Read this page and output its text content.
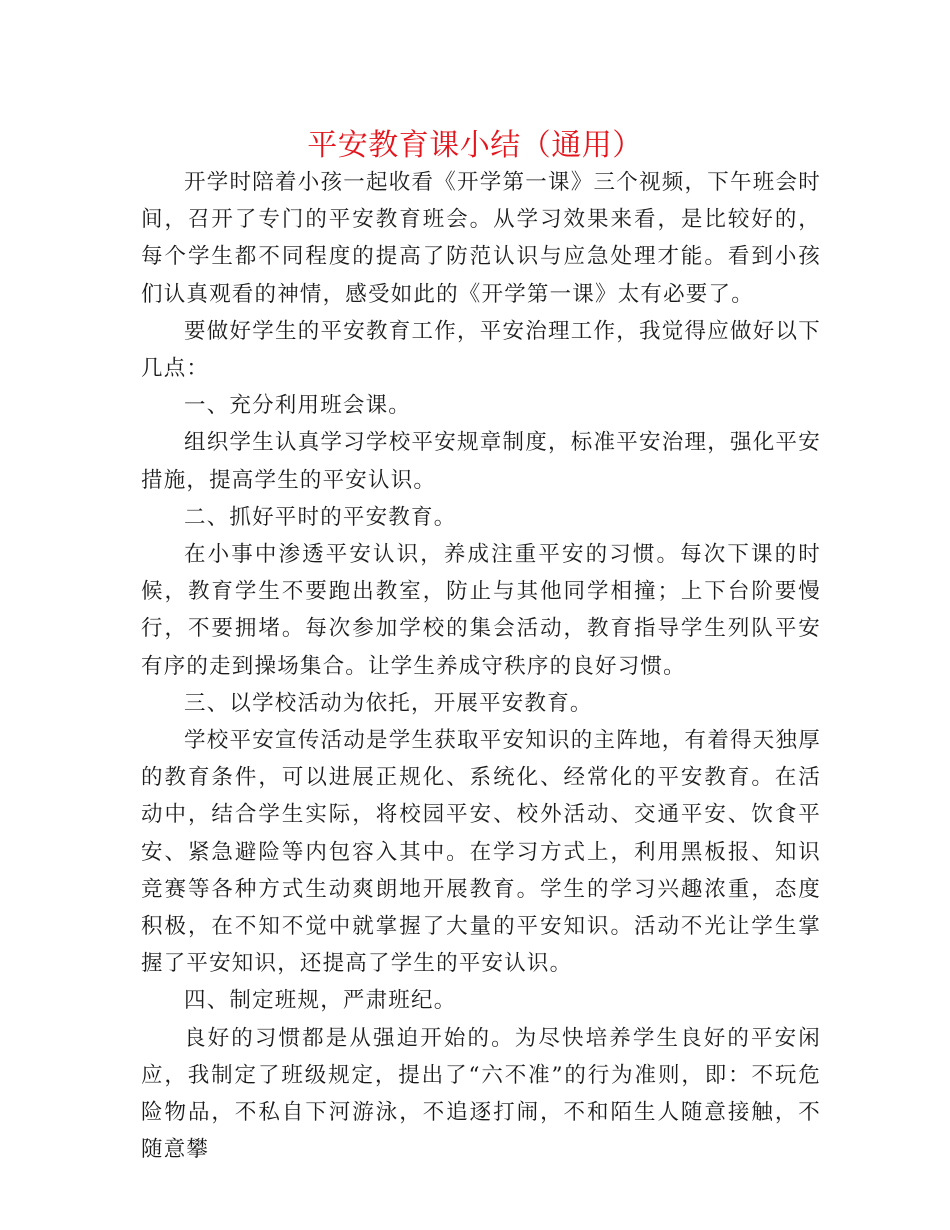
平安教育课小结（通用）

开学时陪着小孩一起收看《开学第一课》三个视频，下午班会时间，召开了专门的平安教育班会。从学习效果来看，是比较好的，每个学生都不同程度的提高了防范认识与应急处理才能。看到小孩们认真观看的神情，感受如此的《开学第一课》太有必要了。

要做好学生的平安教育工作，平安治理工作，我觉得应做好以下几点：

一、充分利用班会课。

组织学生认真学习学校平安规章制度，标准平安治理，强化平安措施，提高学生的平安认识。

二、抓好平时的平安教育。

在小事中渗透平安认识，养成注重平安的习惯。每次下课的时候，教育学生不要跑出教室，防止与其他同学相撞；上下台阶要慢行，不要拥堵。每次参加学校的集会活动，教育指导学生列队平安有序的走到操场集合。让学生养成守秩序的良好习惯。

三、以学校活动为依托，开展平安教育。

学校平安宣传活动是学生获取平安知识的主阵地，有着得天独厚的教育条件，可以进展正规化、系统化、经常化的平安教育。在活动中，结合学生实际，将校园平安、校外活动、交通平安、饮食平安、紧急避险等内包容入其中。在学习方式上，利用黑板报、知识竞赛等各种方式生动爽朗地开展教育。学生的学习兴趣浓重，态度积极，在不知不觉中就掌握了大量的平安知识。活动不光让学生掌握了平安知识，还提高了学生的平安认识。

四、制定班规，严肃班纪。

良好的习惯都是从强迫开始的。为尽快培养学生良好的平安闲应，我制定了班级规定，提出了“六不准”的行为准则，即：不玩危险物品，不私自下河游泳，不追逐打闹，不和陌生人随意接触，不随意攀
